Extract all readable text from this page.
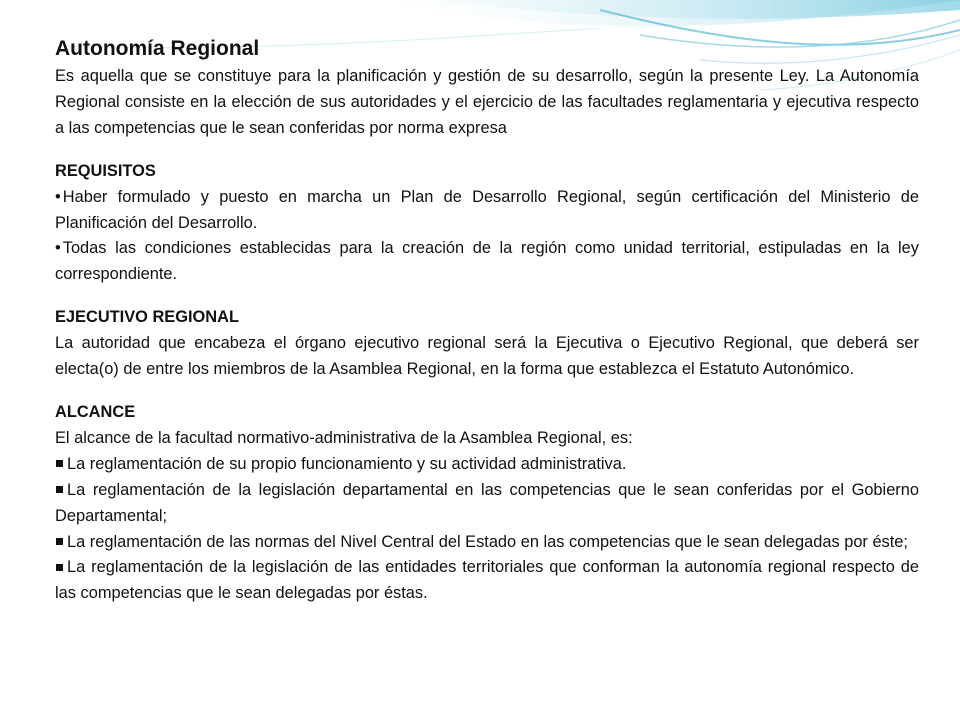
Autonomía Regional

Es aquella que se constituye para la planificación y gestión de su desarrollo, según la presente Ley. La Autonomía Regional consiste en la elección de sus autoridades y el ejercicio de las facultades reglamentaria y ejecutiva respecto a las competencias que le sean conferidas por norma expresa

REQUISITOS
• Haber formulado y puesto en marcha un Plan de Desarrollo Regional, según certificación del Ministerio de Planificación del Desarrollo.
• Todas las condiciones establecidas para la creación de la región como unidad territorial, estipuladas en la ley correspondiente.
EJECUTIVO REGIONAL

La autoridad que encabeza el órgano ejecutivo regional será la Ejecutiva o Ejecutivo Regional, que deberá ser electa(o) de entre los miembros de la Asamblea Regional, en la forma que establezca el Estatuto Autonómico.

ALCANCE

El alcance de la facultad normativo-administrativa de la Asamblea Regional, es:

La reglamentación de su propio funcionamiento y su actividad administrativa.
La reglamentación de la legislación departamental en las competencias que le sean conferidas por el Gobierno Departamental;
La reglamentación de las normas del Nivel Central del Estado en las competencias que le sean delegadas por éste;
La reglamentación de la legislación de las entidades territoriales que conforman la autonomía regional respecto de las competencias que le sean delegadas por éstas.
